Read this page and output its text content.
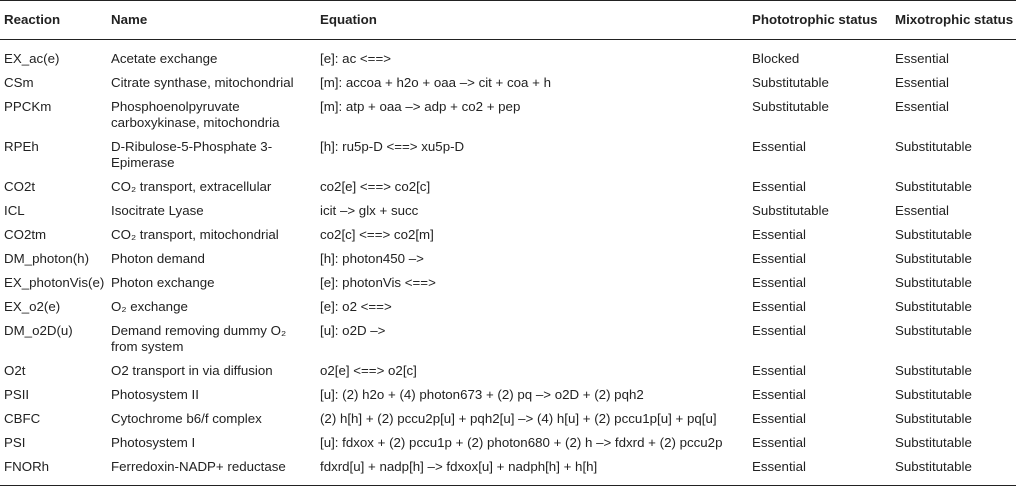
Reaction	Name	Equation	Phototrophic status	Mixotrophic status
EX_ac(e)	Acetate exchange	[e]: ac <==>	Blocked	Essential
CSm	Citrate synthase, mitochondrial	[m]: accoa + h2o + oaa –> cit + coa + h	Substitutable	Essential
PPCKm	Phosphoenolpyruvate carboxykinase, mitochondria	[m]: atp + oaa –> adp + co2 + pep	Substitutable	Essential
RPEh	D-Ribulose-5-Phosphate 3-Epimerase	[h]: ru5p-D <==> xu5p-D	Essential	Substitutable
CO2t	CO₂ transport, extracellular	co2[e] <==> co2[c]	Essential	Substitutable
ICL	Isocitrate Lyase	icit –> glx + succ	Substitutable	Essential
CO2tm	CO₂ transport, mitochondrial	co2[c] <==> co2[m]	Essential	Substitutable
DM_photon(h)	Photon demand	[h]: photon450 –>	Essential	Substitutable
EX_photonVis(e)	Photon exchange	[e]: photonVis <==>	Essential	Substitutable
EX_o2(e)	O₂ exchange	[e]: o2 <==>	Essential	Substitutable
DM_o2D(u)	Demand removing dummy O₂ from system	[u]: o2D –>	Essential	Substitutable
O2t	O2 transport in via diffusion	o2[e] <==> o2[c]	Essential	Substitutable
PSII	Photosystem II	[u]: (2) h2o + (4) photon673 + (2) pq –> o2D + (2) pqh2	Essential	Substitutable
CBFC	Cytochrome b6/f complex	(2) h[h] + (2) pccu2p[u] + pqh2[u] –> (4) h[u] + (2) pccu1p[u] + pq[u]	Essential	Substitutable
PSI	Photosystem I	[u]: fdxox + (2) pccu1p + (2) photon680 + (2) h –> fdxrd + (2) pccu2p	Essential	Substitutable
FNORh	Ferredoxin-NADP+ reductase	fdxrd[u] + nadp[h] –> fdxox[u] + nadph[h] + h[h]	Essential	Substitutable
